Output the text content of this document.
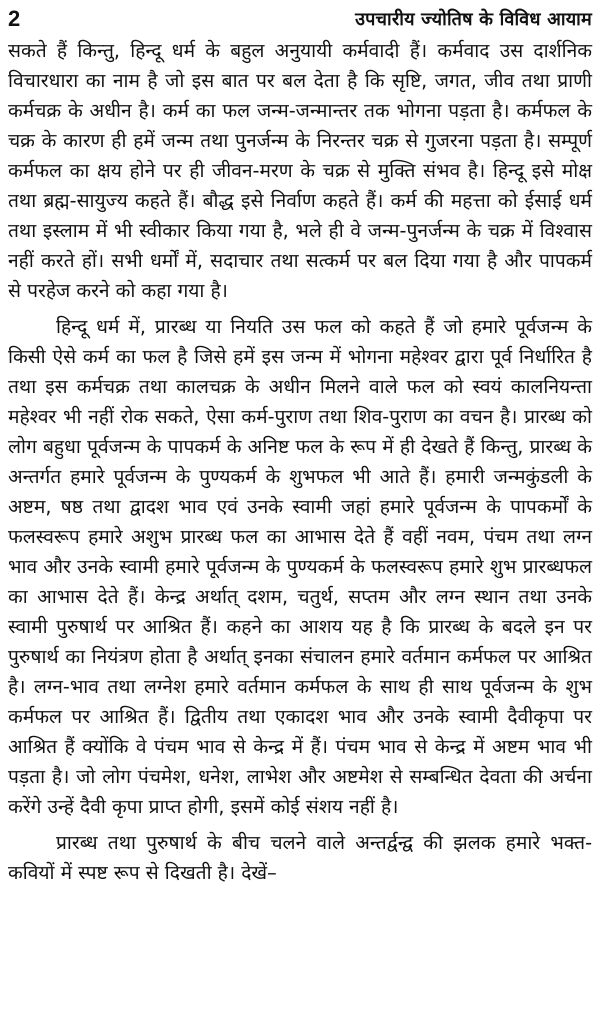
2	उपचारीय ज्योतिष के विविध आयाम

सकते हैं किन्तु, हिन्दू धर्म के बहुल अनुयायी कर्मवादी हैं। कर्मवाद उस दार्शनिक विचारधारा का नाम है जो इस बात पर बल देता है कि सृष्टि, जगत, जीव तथा प्राणी कर्मचक्र के अधीन है। कर्म का फल जन्म-जन्मान्तर तक भोगना पड़ता है। कर्मफल के चक्र के कारण ही हमें जन्म तथा पुनर्जन्म के निरन्तर चक्र से गुजरना पड़ता है। सम्पूर्ण कर्मफल का क्षय होने पर ही जीवन-मरण के चक्र से मुक्ति संभव है। हिन्दू इसे मोक्ष तथा ब्रह्म-सायुज्य कहते हैं। बौद्ध इसे निर्वाण कहते हैं। कर्म की महत्ता को ईसाई धर्म तथा इस्लाम में भी स्वीकार किया गया है, भले ही वे जन्म-पुनर्जन्म के चक्र में विश्वास नहीं करते हों। सभी धर्मों में, सदाचार तथा सत्कर्म पर बल दिया गया है और पापकर्म से परहेज करने को कहा गया है।

हिन्दू धर्म में, प्रारब्ध या नियति उस फल को कहते हैं जो हमारे पूर्वजन्म के किसी ऐसे कर्म का फल है जिसे हमें इस जन्म में भोगना महेश्वर द्वारा पूर्व निर्धारित है तथा इस कर्मचक्र तथा कालचक्र के अधीन मिलने वाले फल को स्वयं कालनियन्ता महेश्वर भी नहीं रोक सकते, ऐसा कर्म-पुराण तथा शिव-पुराण का वचन है। प्रारब्ध को लोग बहुधा पूर्वजन्म के पापकर्म के अनिष्ट फल के रूप में ही देखते हैं किन्तु, प्रारब्ध के अन्तर्गत हमारे पूर्वजन्म के पुण्यकर्म के शुभफल भी आते हैं। हमारी जन्मकुंडली के अष्टम, षष्ठ तथा द्वादश भाव एवं उनके स्वामी जहां हमारे पूर्वजन्म के पापकर्मों के फलस्वरूप हमारे अशुभ प्रारब्ध फल का आभास देते हैं वहीं नवम, पंचम तथा लग्न भाव और उनके स्वामी हमारे पूर्वजन्म के पुण्यकर्म के फलस्वरूप हमारे शुभ प्रारब्धफल का आभास देते हैं। केन्द्र अर्थात् दशम, चतुर्थ, सप्तम और लग्न स्थान तथा उनके स्वामी पुरुषार्थ पर आश्रित हैं। कहने का आशय यह है कि प्रारब्ध के बदले इन पर पुरुषार्थ का नियंत्रण होता है अर्थात् इनका संचालन हमारे वर्तमान कर्मफल पर आश्रित है। लग्न-भाव तथा लग्नेश हमारे वर्तमान कर्मफल के साथ ही साथ पूर्वजन्म के शुभ कर्मफल पर आश्रित हैं। द्वितीय तथा एकादश भाव और उनके स्वामी दैवीकृपा पर आश्रित हैं क्योंकि वे पंचम भाव से केन्द्र में हैं। पंचम भाव से केन्द्र में अष्टम भाव भी पड़ता है। जो लोग पंचमेश, धनेश, लाभेश और अष्टमेश से सम्बन्धित देवता की अर्चना करेंगे उन्हें दैवी कृपा प्राप्त होगी, इसमें कोई संशय नहीं है।

प्रारब्ध तथा पुरुषार्थ के बीच चलने वाले अन्तर्द्वन्द्व की झलक हमारे भक्त-कवियों में स्पष्ट रूप से दिखती है। देखें–
